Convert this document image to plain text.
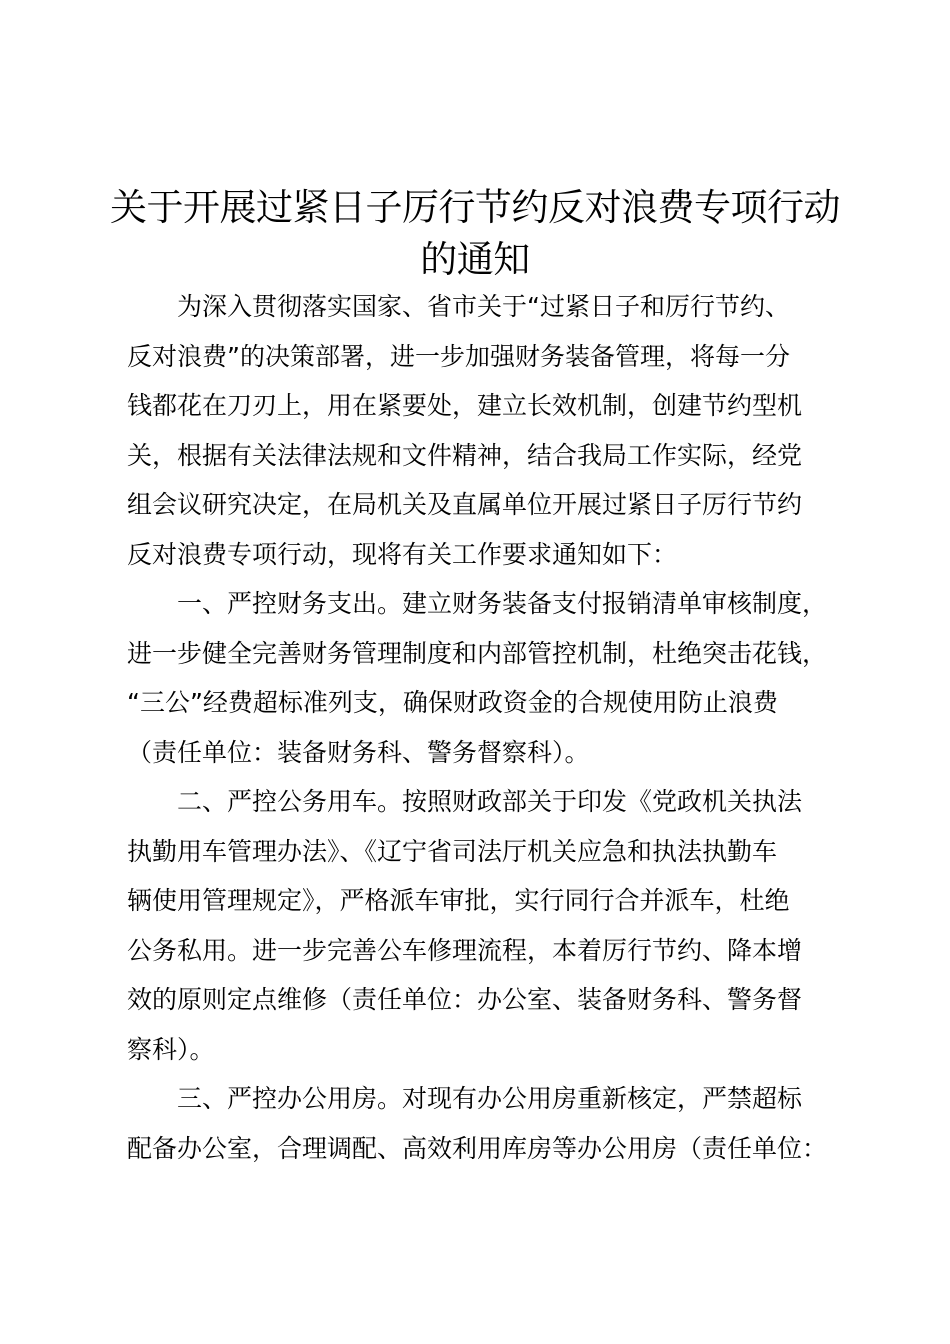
关于开展过紧日子厉行节约反对浪费专项行动
的通知
为深入贯彻落实国家、省市关于“过紧日子和厉行节约、
反对浪费”的决策部署，进一步加强财务装备管理，将每一分
钱都花在刀刃上，用在紧要处，建立长效机制，创建节约型机
关，根据有关法律法规和文件精神，结合我局工作实际，经党
组会议研究决定，在局机关及直属单位开展过紧日子厉行节约
反对浪费专项行动，现将有关工作要求通知如下：
一、严控财务支出。建立财务装备支付报销清单审核制度，
进一步健全完善财务管理制度和内部管控机制，杜绝突击花钱，
“三公”经费超标准列支，确保财政资金的合规使用防止浪费
（责任单位：装备财务科、警务督察科）。
二、严控公务用车。按照财政部关于印发《党政机关执法
执勤用车管理办法》、《辽宁省司法厅机关应急和执法执勤车
辆使用管理规定》，严格派车审批，实行同行合并派车，杜绝
公务私用。进一步完善公车修理流程，本着厉行节约、降本增
效的原则定点维修（责任单位：办公室、装备财务科、警务督
察科）。
三、严控办公用房。对现有办公用房重新核定，严禁超标
配备办公室，合理调配、高效利用库房等办公用房（责任单位：
